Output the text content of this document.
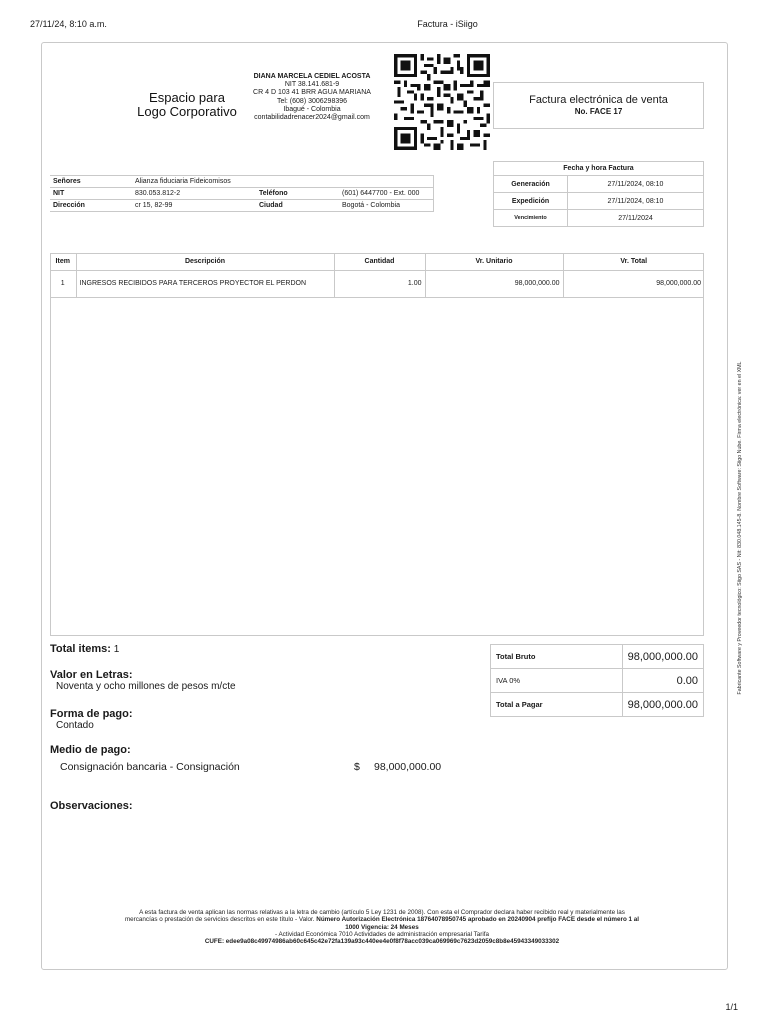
27/11/24, 8:10 a.m.	Factura - iSiigo
Espacio para
Logo Corporativo
DIANA MARCELA CEDIEL ACOSTA
NIT 38.141.681-9
CR 4 D 103 41 BRR AGUA MARIANA
Tel: (608) 3006298396
Ibagué - Colombia
contabilidadrenacer2024@gmail.com
Factura electrónica de venta
No. FACE 17
Señores	Alianza fiduciaria Fideicomisos		
NIT	830.053.812-2	Teléfono	(601) 6447700 - Ext. 000
Dirección	cr 15, 82-99	Ciudad	Bogotá - Colombia
Fecha y hora Factura	
Generación	27/11/2024, 08:10
Expedición	27/11/2024, 08:10
Vencimiento	27/11/2024
Item	Descripción	Cantidad	Vr. Unitario	Vr. Total
1	INGRESOS RECIBIDOS PARA TERCEROS PROYECTOR EL PERDON	1.00	98,000,000.00	98,000,000.00
Fabricante Software y Proveedor tecnológico: Siigo SAS - Nit: 830.048.145-8. Nombre Software: Siigo Nube. Firma electrónica: ver en el XML
Total items: 1
Valor en Letras:
Noventa y ocho millones de pesos m/cte
Forma de pago:
Contado
Medio de pago:
Consignación bancaria - Consignación	$ 98,000,000.00
Total Bruto	98,000,000.00
IVA 0%	0.00
Total a Pagar	98,000,000.00
Observaciones:
A esta factura de venta aplican las normas relativas a la letra de cambio (artículo 5 Ley 1231 de 2008). Con esta el Comprador declara haber recibido real y materialmente las
mercancías o prestación de servicios descritos en este título - Valor. Número Autorización Electrónica 18764078950745 aprobado en 20240904 prefijo FACE desde el número 1 al
1000 Vigencia: 24 Meses
- Actividad Económica 7010 Actividades de administración empresarial Tarifa
CUFE: edee9a08c49974986ab60c645c42e72fa139a93c440ee4e0f8f78acc039ca069969c7623d2059c8b8e45943349033302
1/1
